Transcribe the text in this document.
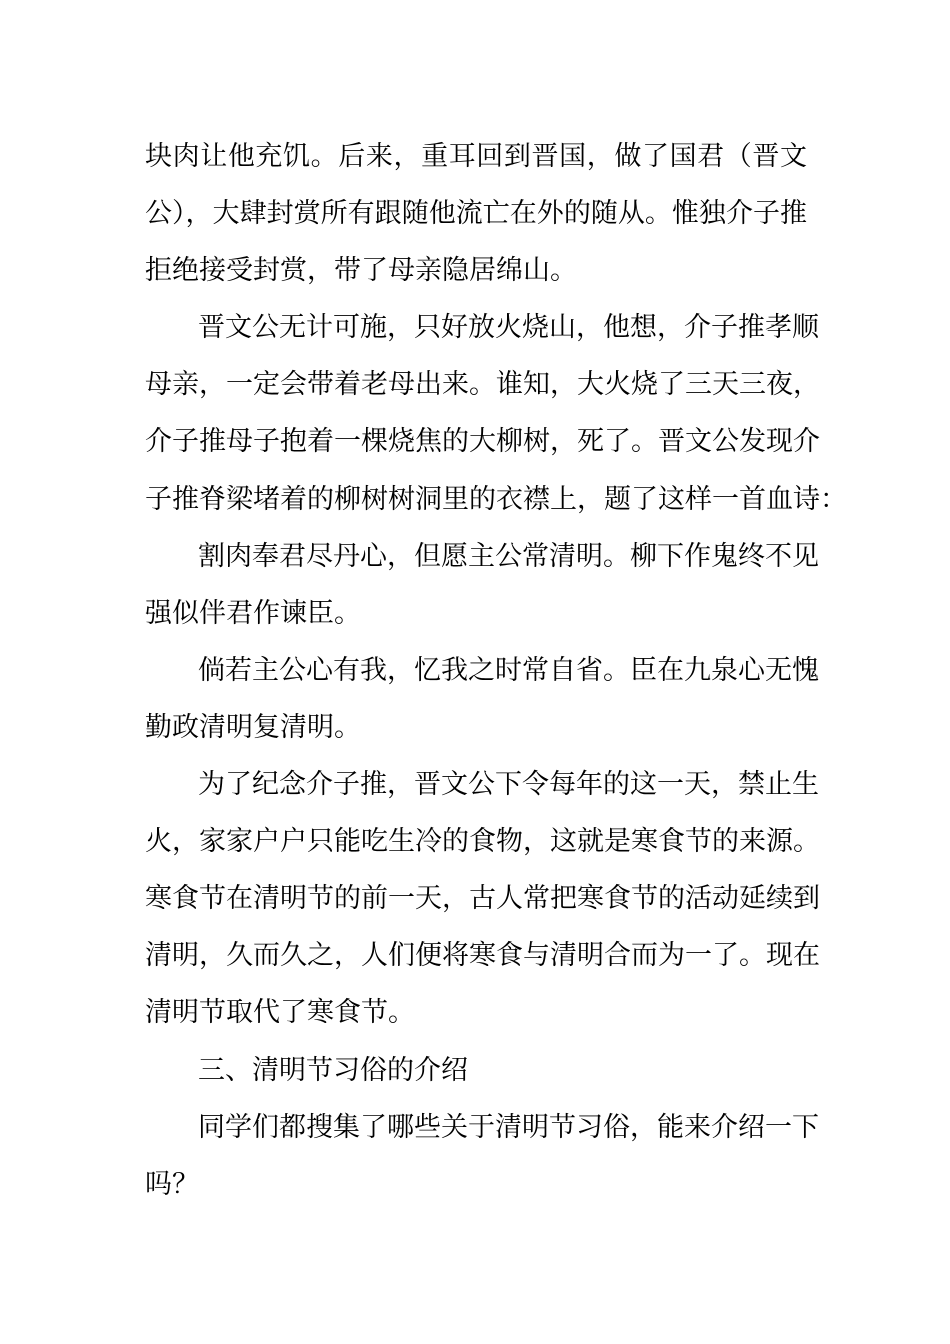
块肉让他充饥。后来，重耳回到晋国，做了国君（晋文
公），大肆封赏所有跟随他流亡在外的随从。惟独介子推
拒绝接受封赏，带了母亲隐居绵山。
晋文公无计可施，只好放火烧山，他想，介子推孝顺
母亲，一定会带着老母出来。谁知，大火烧了三天三夜，
介子推母子抱着一棵烧焦的大柳树，死了。晋文公发现介
子推脊梁堵着的柳树树洞里的衣襟上，题了这样一首血诗：
割肉奉君尽丹心，但愿主公常清明。柳下作鬼终不见
强似伴君作谏臣。
倘若主公心有我，忆我之时常自省。臣在九泉心无愧
勤政清明复清明。
为了纪念介子推，晋文公下令每年的这一天，禁止生
火，家家户户只能吃生冷的食物，这就是寒食节的来源。
寒食节在清明节的前一天，古人常把寒食节的活动延续到
清明，久而久之，人们便将寒食与清明合而为一了。现在
清明节取代了寒食节。
三、清明节习俗的介绍
同学们都搜集了哪些关于清明节习俗，能来介绍一下
吗？
